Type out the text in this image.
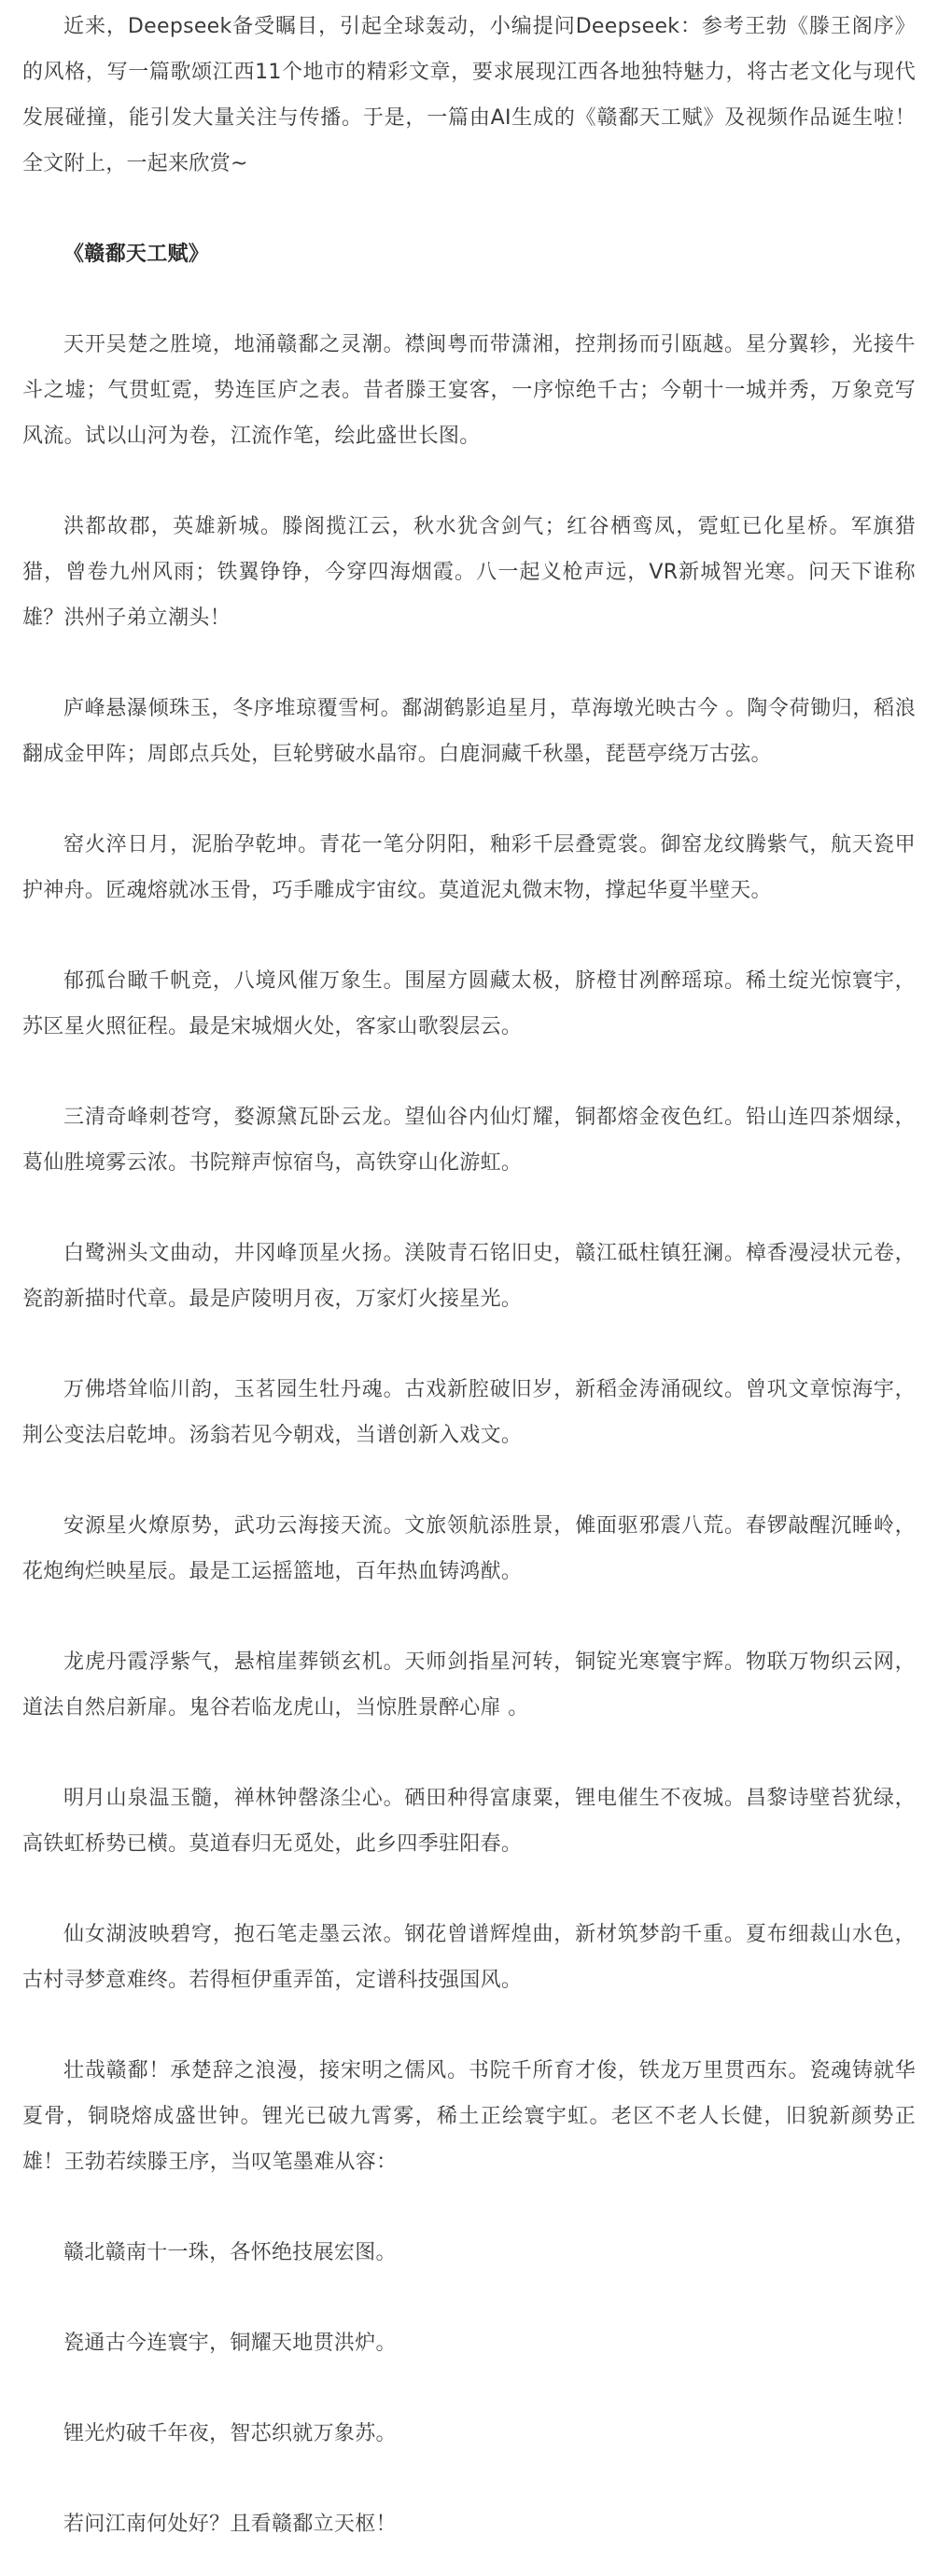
近来，Deepseek备受瞩目，引起全球轰动，小编提问Deepseek：参考王勃《滕王阁序》的风格，写一篇歌颂江西11个地市的精彩文章，要求展现江西各地独特魅力，将古老文化与现代发展碰撞，能引发大量关注与传播。于是，一篇由AI生成的《赣鄱天工赋》及视频作品诞生啦！全文附上，一起来欣赏~

《赣鄱天工赋》

天开吴楚之胜境，地涌赣鄱之灵潮。襟闽粤而带潇湘，控荆扬而引瓯越。星分翼轸，光接牛斗之墟；气贯虹霓，势连匡庐之表。昔者滕王宴客，一序惊绝千古；今朝十一城并秀，万象竞写风流。试以山河为卷，江流作笔，绘此盛世长图。

洪都故郡，英雄新城。滕阁揽江云，秋水犹含剑气；红谷栖鸾凤，霓虹已化星桥。军旗猎猎，曾卷九州风雨；铁翼铮铮，今穿四海烟霞。八一起义枪声远，VR新城智光寒。问天下谁称雄？洪州子弟立潮头！

庐峰悬瀑倾珠玉，冬序堆琼覆雪柯。鄱湖鹤影追星月，草海墩光映古今 。陶令荷锄归，稻浪翻成金甲阵；周郎点兵处，巨轮劈破水晶帘。白鹿洞藏千秋墨，琵琶亭绕万古弦。

窑火淬日月，泥胎孕乾坤。青花一笔分阴阳，釉彩千层叠霓裳。御窑龙纹腾紫气，航天瓷甲护神舟。匠魂熔就冰玉骨，巧手雕成宇宙纹。莫道泥丸微末物，撑起华夏半壁天。

郁孤台瞰千帆竞，八境风催万象生。围屋方圆藏太极，脐橙甘冽醉瑶琼。稀土绽光惊寰宇，苏区星火照征程。最是宋城烟火处，客家山歌裂层云。

三清奇峰刺苍穹，婺源黛瓦卧云龙。望仙谷内仙灯耀，铜都熔金夜色红。铅山连四茶烟绿，葛仙胜境雾云浓。书院辩声惊宿鸟，高铁穿山化游虹。

白鹭洲头文曲动，井冈峰顶星火扬。渼陂青石铭旧史，赣江砥柱镇狂澜。樟香漫浸状元卷，瓷韵新描时代章。最是庐陵明月夜，万家灯火接星光。

万佛塔耸临川韵，玉茗园生牡丹魂。古戏新腔破旧岁，新稻金涛涌砚纹。曾巩文章惊海宇，荆公变法启乾坤。汤翁若见今朝戏，当谱创新入戏文。

安源星火燎原势，武功云海接天流。文旅领航添胜景，傩面驱邪震八荒。春锣敲醒沉睡岭，花炮绚烂映星辰。最是工运摇篮地，百年热血铸鸿猷。

龙虎丹霞浮紫气，悬棺崖葬锁玄机。天师剑指星河转，铜锭光寒寰宇辉。物联万物织云网，道法自然启新扉。鬼谷若临龙虎山，当惊胜景醉心扉 。

明月山泉温玉髓，禅林钟罄涤尘心。硒田种得富康粟，锂电催生不夜城。昌黎诗壁苔犹绿，高铁虹桥势已横。莫道春归无觅处，此乡四季驻阳春。

仙女湖波映碧穹，抱石笔走墨云浓。钢花曾谱辉煌曲，新材筑梦韵千重。夏布细裁山水色，古村寻梦意难终。若得桓伊重弄笛，定谱科技强国风。

壮哉赣鄱！承楚辞之浪漫，接宋明之儒风。书院千所育才俊，铁龙万里贯西东。瓷魂铸就华夏骨，铜晓熔成盛世钟。锂光已破九霄雾，稀土正绘寰宇虹。老区不老人长健，旧貌新颜势正雄！王勃若续滕王序，当叹笔墨难从容：

赣北赣南十一珠，各怀绝技展宏图。

瓷通古今连寰宇，铜耀天地贯洪炉。

锂光灼破千年夜，智芯织就万象苏。

若问江南何处好？且看赣鄱立天枢！
